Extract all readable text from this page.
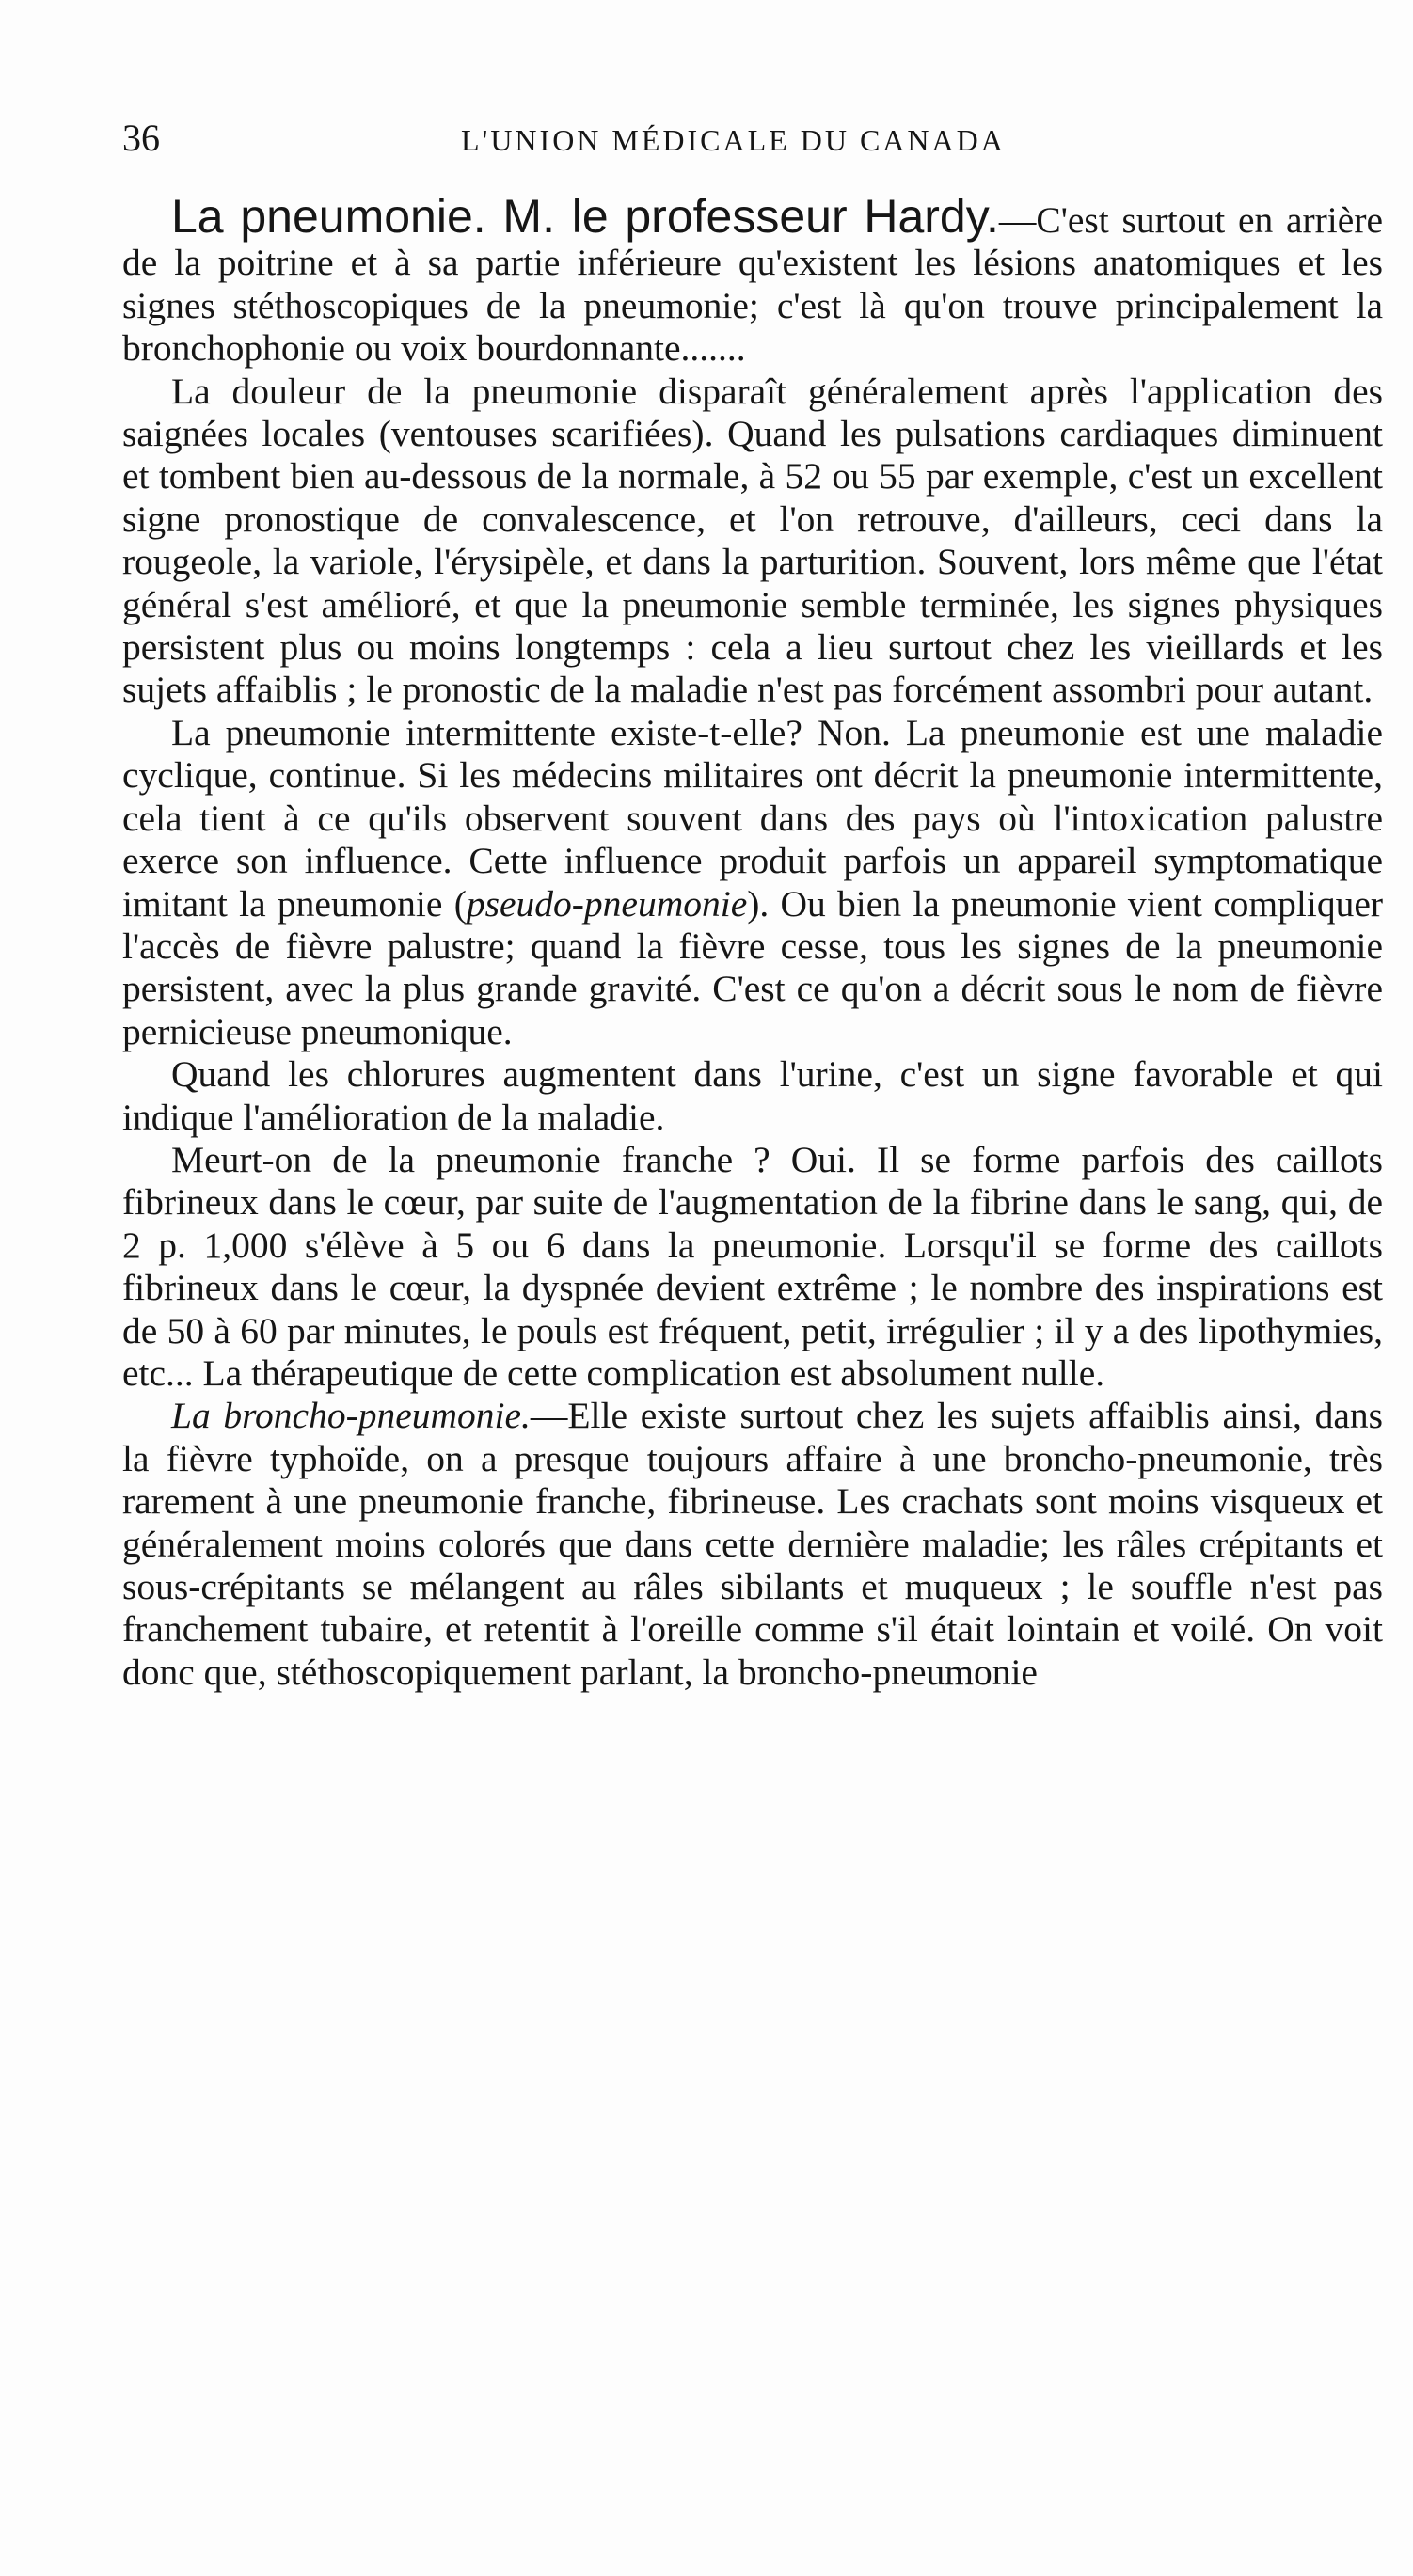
36	L'UNION MÉDICALE DU CANADA

La pneumonie. M. le professeur Hardy.—C'est surtout en arrière de la poitrine et à sa partie inférieure qu'existent les lésions anatomiques et les signes stéthoscopiques de la pneumonie; c'est là qu'on trouve principalement la bronchophonie ou voix bourdonnante.......

La douleur de la pneumonie disparaît généralement après l'application des saignées locales (ventouses scarifiées). Quand les pulsations cardiaques diminuent et tombent bien au-dessous de la normale, à 52 ou 55 par exemple, c'est un excellent signe pronostique de convalescence, et l'on retrouve, d'ailleurs, ceci dans la rougeole, la variole, l'érysipèle, et dans la parturition. Souvent, lors même que l'état général s'est amélioré, et que la pneumonie semble terminée, les signes physiques persistent plus ou moins longtemps : cela a lieu surtout chez les vieillards et les sujets affaiblis ; le pronostic de la maladie n'est pas forcément assombri pour autant.

La pneumonie intermittente existe-t-elle? Non. La pneumonie est une maladie cyclique, continue. Si les médecins militaires ont décrit la pneumonie intermittente, cela tient à ce qu'ils observent souvent dans des pays où l'intoxication palustre exerce son influence. Cette influence produit parfois un appareil symptomatique imitant la pneumonie (pseudo-pneumonie). Ou bien la pneumonie vient compliquer l'accès de fièvre palustre; quand la fièvre cesse, tous les signes de la pneumonie persistent, avec la plus grande gravité. C'est ce qu'on a décrit sous le nom de fièvre pernicieuse pneumonique.

Quand les chlorures augmentent dans l'urine, c'est un signe favorable et qui indique l'amélioration de la maladie.

Meurt-on de la pneumonie franche ? Oui. Il se forme parfois des caillots fibrineux dans le cœur, par suite de l'augmentation de la fibrine dans le sang, qui, de 2 p. 1,000 s'élève à 5 ou 6 dans la pneumonie. Lorsqu'il se forme des caillots fibrineux dans le cœur, la dyspnée devient extrême ; le nombre des inspirations est de 50 à 60 par minutes, le pouls est fréquent, petit, irrégulier ; il y a des lipothymies, etc... La thérapeutique de cette complication est absolument nulle.

La broncho-pneumonie.—Elle existe surtout chez les sujets affaiblis ainsi, dans la fièvre typhoïde, on a presque toujours affaire à une broncho-pneumonie, très rarement à une pneumonie franche, fibrineuse. Les crachats sont moins visqueux et généralement moins colorés que dans cette dernière maladie; les râles crépitants et sous-crépitants se mélangent au râles sibilants et muqueux ; le souffle n'est pas franchement tubaire, et retentit à l'oreille comme s'il était lointain et voilé. On voit donc que, stéthoscopiquement parlant, la broncho-pneumonie
